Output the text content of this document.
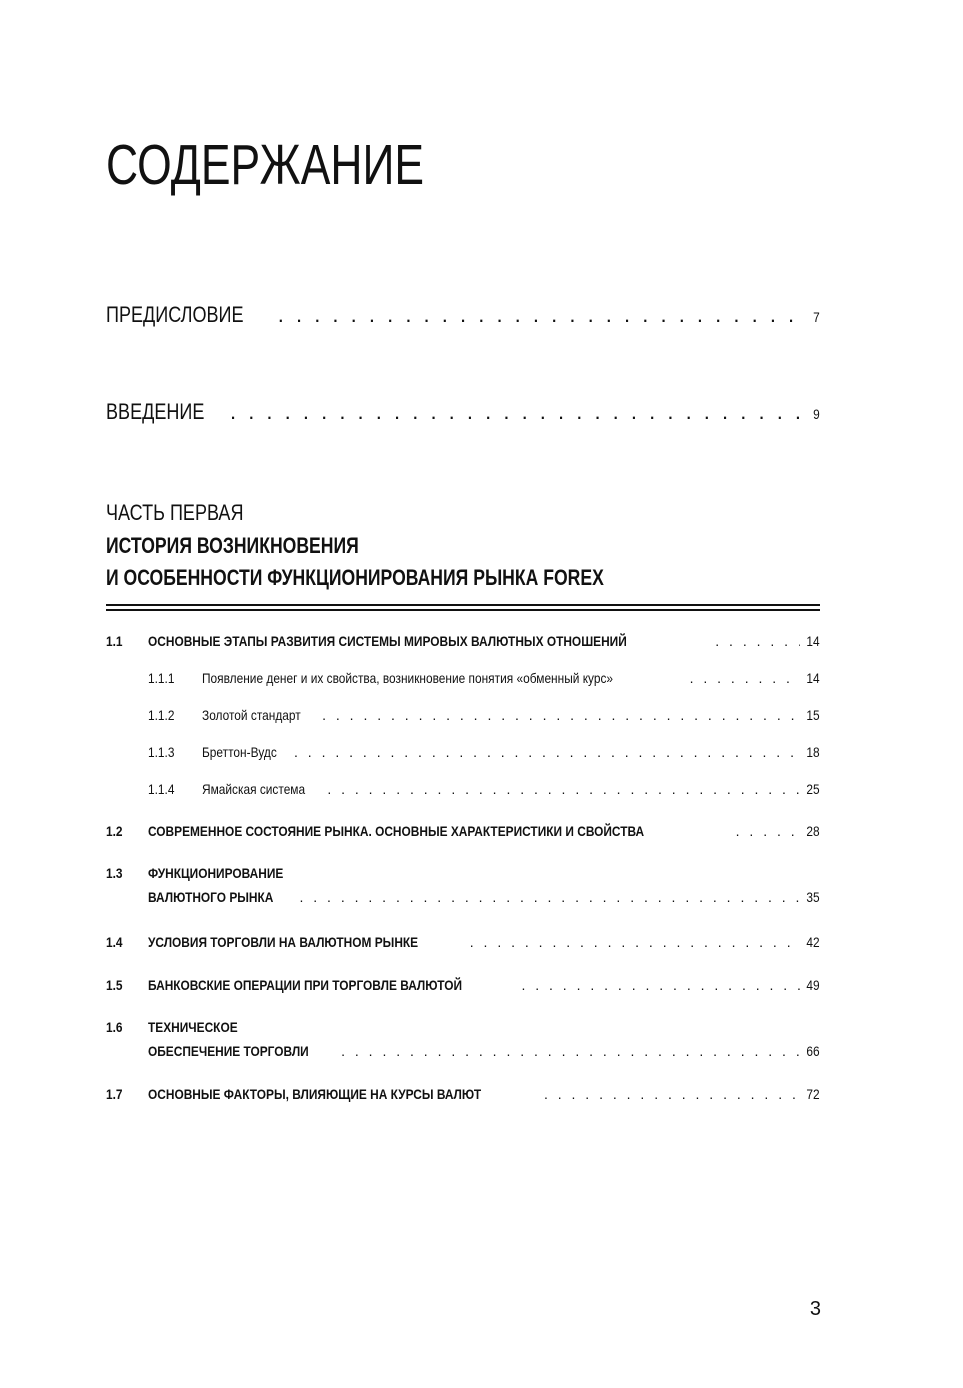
СОДЕРЖАНИЕ
ПРЕДИСЛОВИЕ . . .	7
ВВЕДЕНИЕ . . .	9
ЧАСТЬ ПЕРВАЯ
ИСТОРИЯ ВОЗНИКНОВЕНИЯ
И ОСОБЕННОСТИ ФУНКЦИОНИРОВАНИЯ РЫНКА FOREX
1.1	ОСНОВНЫЕ ЭТАПЫ РАЗВИТИЯ СИСТЕМЫ МИРОВЫХ ВАЛЮТНЫХ ОТНОШЕНИЙ . . .	14
1.1.1	Появление денег и их свойства, возникновение понятия «обменный курс» . . .	14
1.1.2	Золотой стандарт . . .	15
1.1.3	Бреттон-Вудс . . .	18
1.1.4	Ямайская система . . .	25
1.2	СОВРЕМЕННОЕ СОСТОЯНИЕ РЫНКА. ОСНОВНЫЕ ХАРАКТЕРИСТИКИ И СВОЙСТВА . . .	28
1.3	ФУНКЦИОНИРОВАНИЕ
ВАЛЮТНОГО РЫНКА . . .	35
1.4	УСЛОВИЯ ТОРГОВЛИ НА ВАЛЮТНОМ РЫНКЕ . . .	42
1.5	БАНКОВСКИЕ ОПЕРАЦИИ ПРИ ТОРГОВЛЕ ВАЛЮТОЙ . . .	49
1.6	ТЕХНИЧЕСКОЕ
ОБЕСПЕЧЕНИЕ ТОРГОВЛИ . . .	66
1.7	ОСНОВНЫЕ ФАКТОРЫ, ВЛИЯЮЩИЕ НА КУРСЫ ВАЛЮТ . . .	72
3
